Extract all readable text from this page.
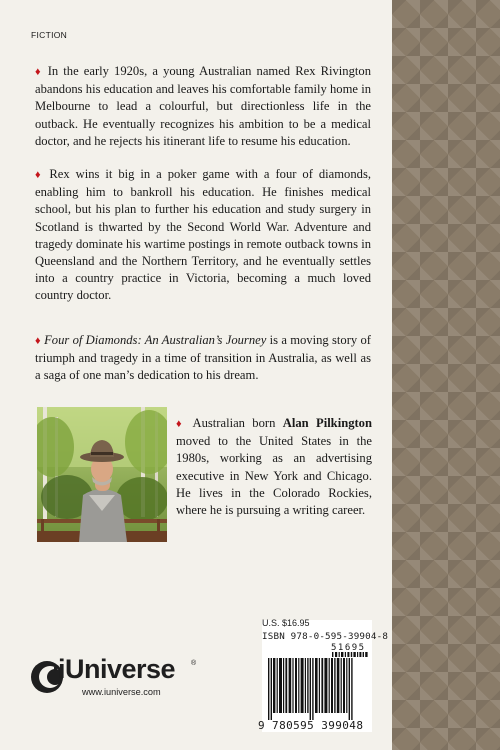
FICTION

♦ In the early 1920s, a young Australian named Rex Rivington abandons his education and leaves his comfortable family home in Melbourne to lead a colourful, but directionless life in the outback. He eventually recognizes his ambition to be a medical doctor, and he rejects his itinerant life to resume his education.

♦ Rex wins it big in a poker game with a four of diamonds, enabling him to bankroll his education. He finishes medical school, but his plan to further his education and study surgery in Scotland is thwarted by the Second World War. Adventure and tragedy dominate his wartime postings in remote outback towns in Queensland and the Northern Territory, and he eventually settles into a country practice in Victoria, becoming a much loved country doctor.

♦ Four of Diamonds: An Australian’s Journey is a moving story of triumph and tragedy in a time of transition in Australia, as well as a saga of one man’s dedication to his dream.

♦ Australian born Alan Pilkington moved to the United States in the 1980s, working as an advertising executive in New York and Chicago. He lives in the Colorado Rockies, where he is pursuing a writing career.

U.S. $16.95
ISBN 978-0-595-39904-8
51695
9 780595 399048
iUniverse ®
www.iuniverse.com
